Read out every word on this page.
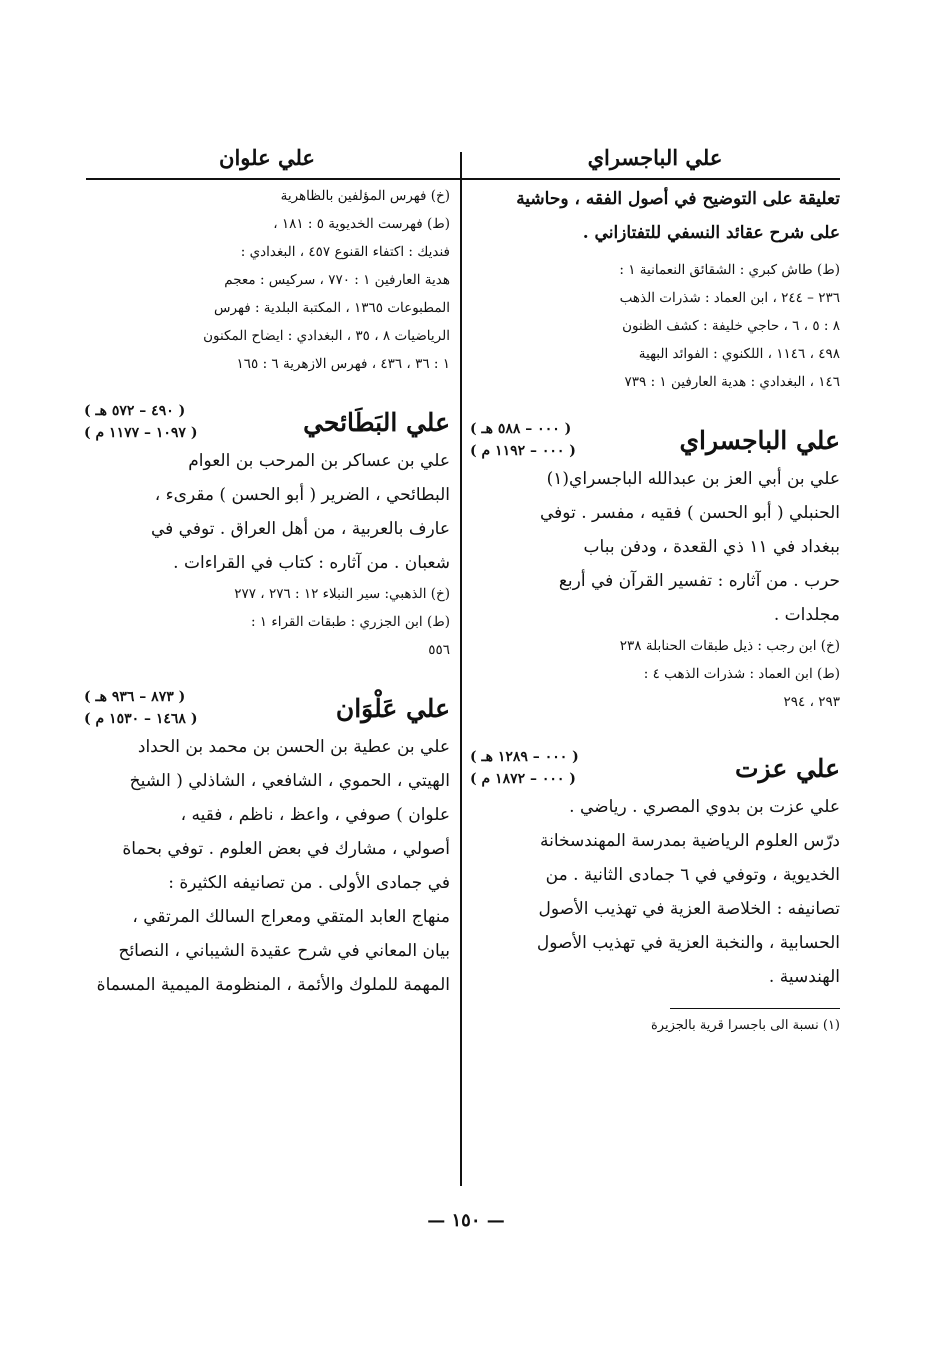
علي الباجسراي

تعليقة على التوضيح في أصول الفقه ، وحاشية

على شرح عقائد النسفي للتفتازاني .

(ط) طاش كبري : الشقائق النعمانية ١ :

٢٣٦ – ٢٤٤ ، ابن العماد : شذرات الذهب

٨ : ٥ ، ٦ ، حاجي خليفة : كشف الظنون

٤٩٨ ، ١١٤٦ ، اللكنوي : الفوائد البهية

١٤٦ ، البغدادي : هدية العارفين ١ : ٧٣٩

علي الباجسراي
( ٠٠٠ – ٥٨٨ هـ )
( ٠٠٠ – ١١٩٢ م )

علي بن أبي العز بن عبدالله الباجسراي(١)

الحنبلي ( أبو الحسن ) فقيه ، مفسر . توفي

ببغداد في ١١ ذي القعدة ، ودفن بباب

حرب . من آثاره : تفسير القرآن في أربع

مجلدات .

(خ) ابن رجب : ذيل طبقات الحنابلة ٢٣٨

(ط) ابن العماد : شذرات الذهب ٤ :

٢٩٣ ، ٢٩٤

علي عزت
( ٠٠٠ – ١٢٨٩ هـ )
( ٠٠٠ – ١٨٧٢ م )

علي عزت بن بدوي المصري . رياضي .

درّس العلوم الرياضية بمدرسة المهندسخانة

الخديوية ، وتوفي في ٦ جمادى الثانية . من

تصانيفه : الخلاصة العزية في تهذيب الأصول

الحسابية ، والنخبة العزية في تهذيب الأصول

الهندسية .

(١) نسبة الى باجسرا قرية بالجزيرة

علي علوان

(خ) فهرس المؤلفين بالظاهرية

(ط) فهرست الخديوية ٥ : ١٨١ ،

فنديك : اكتفاء القنوع ٤٥٧ ، البغدادي :

هدية العارفين ١ : ٧٧٠ ، سركيس : معجم

المطبوعات ١٣٦٥ ، المكتبة البلدية : فهرس

الرياضيات ٨ ، ٣٥ ، البغدادي : ايضاح المكنون

١ : ٣٦ ، ٤٣٦ ، فهرس الازهرية ٦ : ١٦٥

علي البَطَائحي
( ٤٩٠ – ٥٧٢ هـ )
( ١٠٩٧ – ١١٧٧ م )

علي بن عساكر بن المرحب بن العوام

البطائحي ، الضرير ( أبو الحسن ) مقرىء ،

عارف بالعربية ، من أهل العراق . توفي في

شعبان . من آثاره : كتاب في القراءات .

(خ) الذهبي: سير النبلاء ١٢ : ٢٧٦ ، ٢٧٧

(ط) ابن الجزري : طبقات القراء ١ :

٥٥٦

علي عَلْوَان
( ٨٧٣ – ٩٣٦ هـ )
( ١٤٦٨ – ١٥٣٠ م )

علي بن عطية بن الحسن بن محمد بن الحداد

الهيتي ، الحموي ، الشافعي ، الشاذلي ( الشيخ

علوان ) صوفي ، واعظ ، ناظم ، فقيه ،

أصولي ، مشارك في بعض العلوم . توفي بحماة

في جمادى الأولى . من تصانيفه الكثيرة :

منهاج العابد المتقي ومعراج السالك المرتقي ،

بيان المعاني في شرح عقيدة الشيباني ، النصائح

المهمة للملوك والأئمة ، المنظومة الميمية المسماة

— ١٥٠ —
